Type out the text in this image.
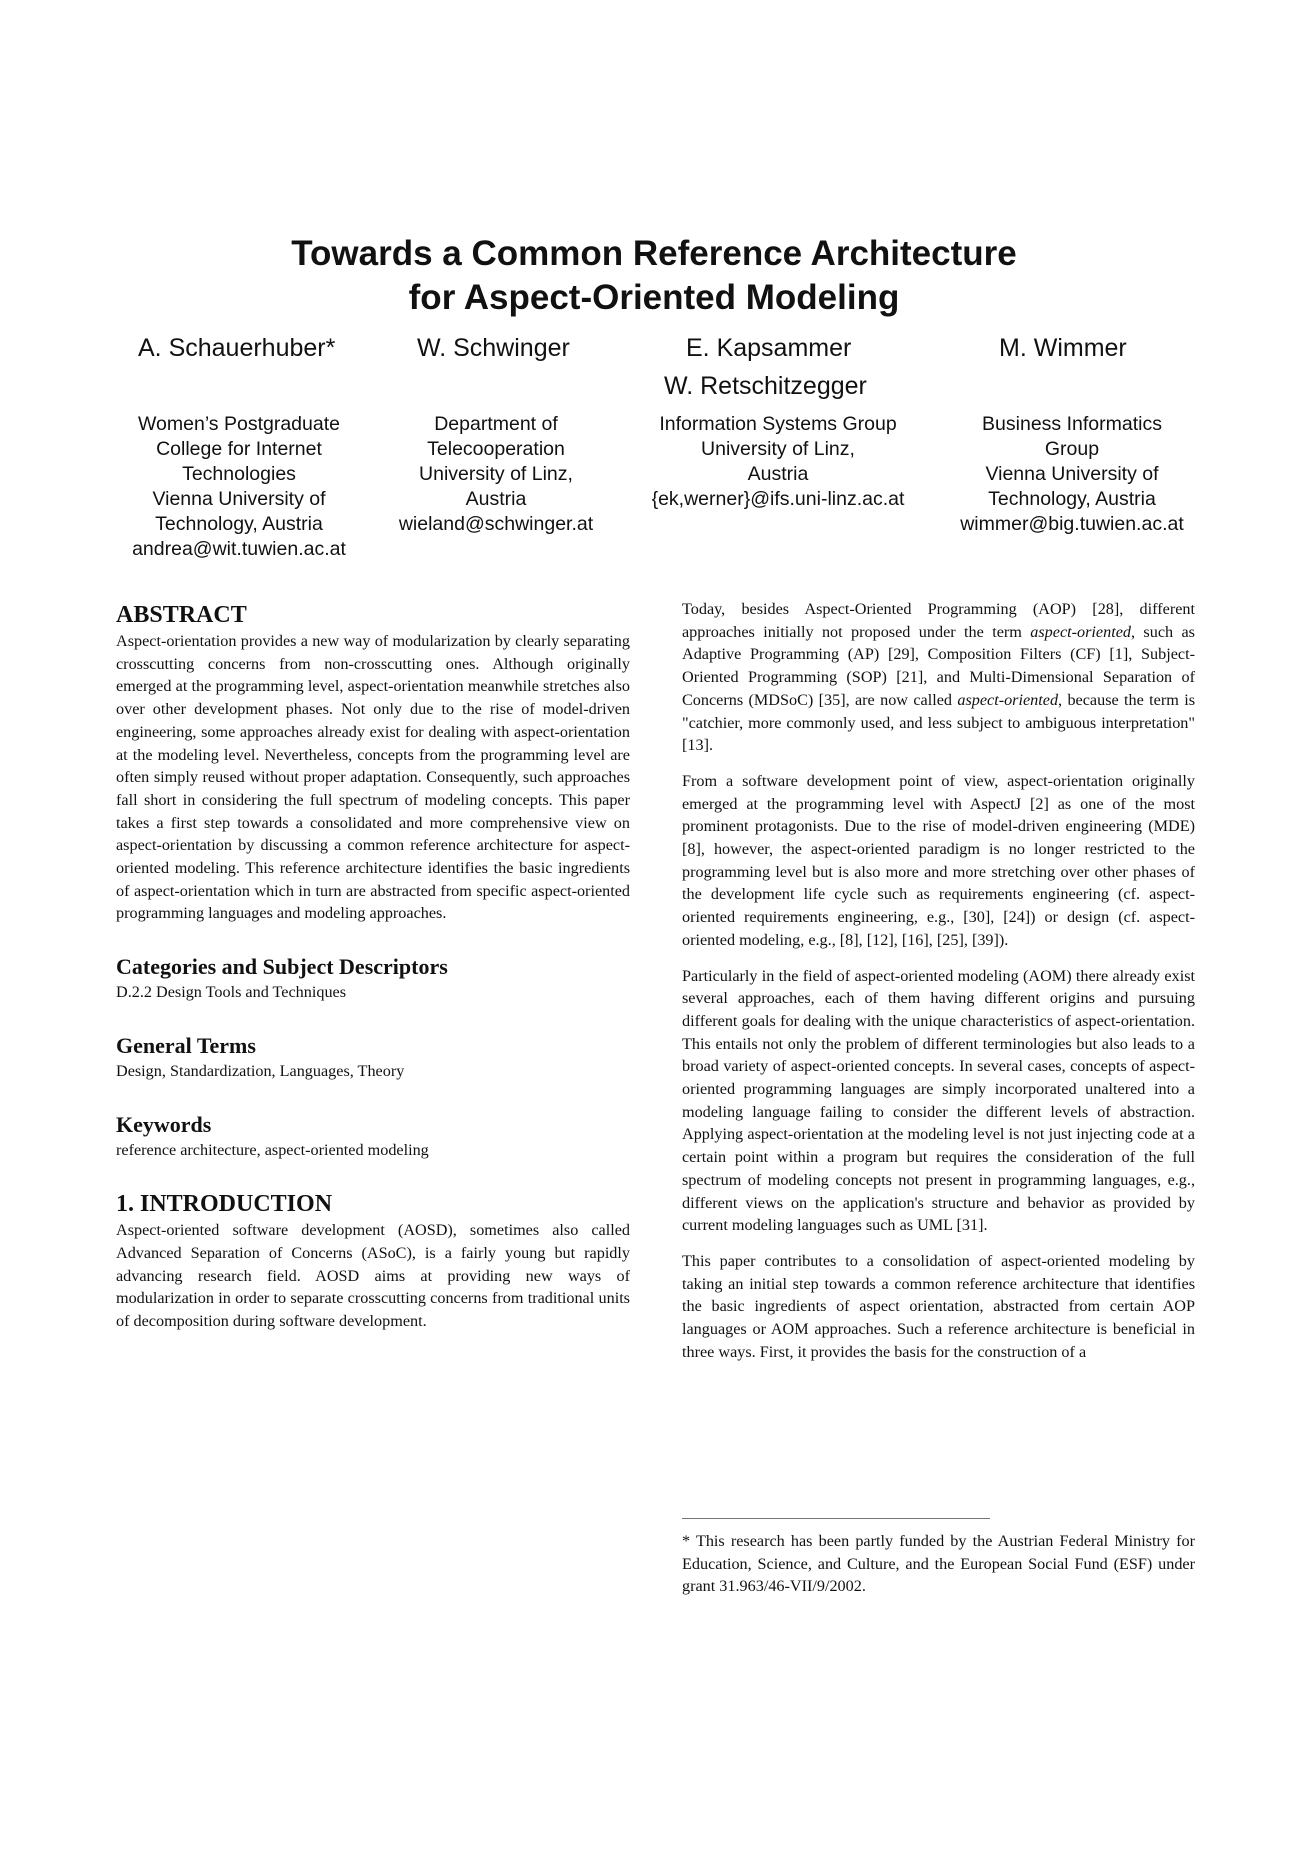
Towards a Common Reference Architecture
for Aspect-Oriented Modeling
A. Schauerhuber*	W. Schwinger	E. Kapsammer
W. Retschitzegger
M. Wimmer
Women’s Postgraduate
College for Internet
Technologies
Vienna University of
Technology, Austria
andrea@wit.tuwien.ac.at
Department of
Telecooperation
University of Linz,
Austria
wieland@schwinger.at
Information Systems Group
University of Linz,
Austria
{ek,werner}@ifs.uni-linz.ac.at
Business Informatics
Group
Vienna University of
Technology, Austria
wimmer@big.tuwien.ac.at
ABSTRACT

Aspect-orientation provides a new way of modularization by clearly separating crosscutting concerns from non-crosscutting ones. Although originally emerged at the programming level, aspect-orientation meanwhile stretches also over other development phases. Not only due to the rise of model-driven engineering, some approaches already exist for dealing with aspect-orientation at the modeling level. Nevertheless, concepts from the programming level are often simply reused without proper adaptation. Consequently, such approaches fall short in considering the full spectrum of modeling concepts. This paper takes a first step towards a consolidated and more comprehensive view on aspect-orientation by discussing a common reference architecture for aspect-oriented modeling. This reference architecture identifies the basic ingredients of aspect-orientation which in turn are abstracted from specific aspect-oriented programming languages and modeling approaches.

Categories and Subject Descriptors

D.2.2 Design Tools and Techniques

General Terms

Design, Standardization, Languages, Theory

Keywords

reference architecture, aspect-oriented modeling

1. INTRODUCTION

Aspect-oriented software development (AOSD), sometimes also called Advanced Separation of Concerns (ASoC), is a fairly young but rapidly advancing research field. AOSD aims at providing new ways of modularization in order to separate crosscutting concerns from traditional units of decomposition during software development.

Today, besides Aspect-Oriented Programming (AOP) [28], different approaches initially not proposed under the term aspect-oriented, such as Adaptive Programming (AP) [29], Composition Filters (CF) [1], Subject-Oriented Programming (SOP) [21], and Multi-Dimensional Separation of Concerns (MDSoC) [35], are now called aspect-oriented, because the term is "catchier, more commonly used, and less subject to ambiguous interpretation" [13].

From a software development point of view, aspect-orientation originally emerged at the programming level with AspectJ [2] as one of the most prominent protagonists. Due to the rise of model-driven engineering (MDE) [8], however, the aspect-oriented paradigm is no longer restricted to the programming level but is also more and more stretching over other phases of the development life cycle such as requirements engineering (cf. aspect-oriented requirements engineering, e.g., [30], [24]) or design (cf. aspect-oriented modeling, e.g., [8], [12], [16], [25], [39]).

Particularly in the field of aspect-oriented modeling (AOM) there already exist several approaches, each of them having different origins and pursuing different goals for dealing with the unique characteristics of aspect-orientation. This entails not only the problem of different terminologies but also leads to a broad variety of aspect-oriented concepts. In several cases, concepts of aspect-oriented programming languages are simply incorporated unaltered into a modeling language failing to consider the different levels of abstraction. Applying aspect-orientation at the modeling level is not just injecting code at a certain point within a program but requires the consideration of the full spectrum of modeling concepts not present in programming languages, e.g., different views on the application's structure and behavior as provided by current modeling languages such as UML [31].

This paper contributes to a consolidation of aspect-oriented modeling by taking an initial step towards a common reference architecture that identifies the basic ingredients of aspect orientation, abstracted from certain AOP languages or AOM approaches. Such a reference architecture is beneficial in three ways. First, it provides the basis for the construction of a

* This research has been partly funded by the Austrian Federal Ministry for Education, Science, and Culture, and the European Social Fund (ESF) under grant 31.963/46-VII/9/2002.
